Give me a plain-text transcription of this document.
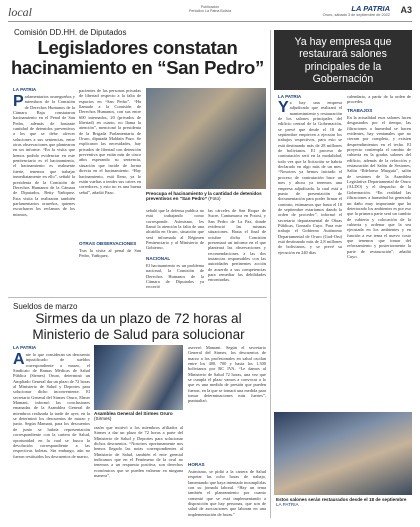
local	Publicación
Periódico La Patria Bolivia	LA PATRIA
Oruro, sábado 3 de septiembre de 2022 A3
Comisión DD.HH. de Diputados
Legisladores constatan hacinamiento en “San Pedro”
LA PATRIA
Parlamentarios oruregueños y miembros de la Comisión de Derechos Humanos de la Cámara Baja constataron hacinamiento en el Penal de San Pedro, además de bastante cantidad de detenidos preventivos a los que se debe ofrecer soluciones a sus sentencias, entre otras observaciones que plantearon en un informe. “En la visita que hemos podido evidenciar en este penitenciario es el hacinamiento, el hacinamiento es realmente fuerte, tenemos que trabajar inmediatamente en ello”, señaló la presidenta de la Comisión de Derechos Humanos de la Cámara de Diputados, Betty Yañiquez. Esta visita la realizaron también parlamentarios orureños, quienes escucharon los reclamos de los mismos,
pacientes de las personas privadas de libertad respecto a la falta de espacios en “San Pedro”. “Ha llamado a la Comisión de Derechos Humanos, con sus entre 600 internados, 20 (privados de libertad) en cuarto, no llama la atención”, mencionó la presidenta de la Brigada Parlamentaria de Oruro, diputada Maldaín Pazo. Se explicaron las necesidades, hay privados de libertad con detención preventiva que están más de cinco años esperando su sentencia, situación que incide de forma directa en el hacinamiento. “Hay hacinamiento, está lleno, ya lo están vueltas a tender sus catres en corredores, y esto no es una buena señal”, añadió Pazo.
OTRAS OBSERVACIONES
Tras la visita al penal de San Pedro, Yañiquez,
Preocupa el hacinamiento y la cantidad de detenidos preventivos en “San Pedro” (Foto)
señaló que la defensa publica no está trabajando como corresponde. Asimismo, les llamó la atención la falta de una alcaidía en Oruro, situación que será informada al Régimen Penitenciario y al Ministerio de Gobierno.
NACIONAL
El hacinamiento es un problema nacional, la Comisión de Derechos Humanos de la Cámara de Diputados ya recorrió
las cárceles de San Roque de Sucre, Cantumarca en Potosí, y San Pedro de La Paz, donde evidenció las mismas situaciones. Hasta el final de octubre dicha Comisión presentará un informe en el que planteará las observaciones y recomendaciones a las dos instancias responsables con las autoridades pertinentes acción de acuerdo a sus competencias para remediar las debilidades encontradas.
Ya hay empresa que restaurará salones principales de la Gobernación
LA PATRIA
Ya hay una empresa adjudicada que realizará el mantenimiento y restauración de los salones principales del edificio central de la Gobernación, se prevé que desde el 18 de septiembre empiecen a ejecutar los trabajos respectivos, para esto se está destinando más de 28 millones de bolivianos. El proceso de contratación será en la modalidad, todo vez que la licitación se habría declarado en algo más de un mes. “Nosotros ya hemos iniciado el proceso de contratación hace un mes y ahora ya tenemos una empresa adjudicada, la cual está a punto de presentación de documentación para poder firmar el contrato, estimamos que hasta el 18 de septiembre estaríamos dando la orden de proceder”, informó el secretario departamental de Obras Públicas, Gonzalo Cuyo. Para este trabajo el Gobierno Autónomo Departamental de Oruro (God-Oru) está destinando más de 2,8 millones de bolivianos, y se prevé su ejecución en 240 días
calendario, a partir de la orden de proceder.
TRABAJOS
En la actualidad esos salones lucen desgastados por el tiempo, las filtraciones a humedad se hacen evidentes, hay ventanales que no cierran por completo, y existen desprendimientos en el techo. El proyecto contempla el cambio de cubierta en la gradas salones del edificio, además de la refacción y restauración del Salón de Sesiones, Salón “Ildefonso Murguía”, salón de sesiones de la Asamblea Legislativa Departamental de Oruro (ALDO) y el despacho de la Gobernación. “En realidad las filtraciones a humedad ha generado un daño muy importante que ha deteriorado los ambientes es por eso que la primera parte será un cambio de cubierta y colocación de la cubierta y ordenar que la sea ejecutada en los ambientes y en función a ese tema el nuevo costo que tenemos que tomar del reforzamiento y posteriormente la parte de restauración”, añadió Cuyo.
Estos salones serán restaurados desde el 18 de septiembre LA PATRIA
Sueldos de marzo
Sirmes da un plazo de 72 horas al Ministerio de Salud para solucionar
LA PATRIA
Ante lo que consideran un descuento injustificado de sueldos correspondiente a marzo, el Sindicato de Ramas Médicas de Salud Pública (Sirmes) Oruro, determinó un Ampliado General dar un plazo de 72 horas al Ministerio de Salud y Deportes para solucionar dicho inconveniente. El secretario General del Sirmes Oruro, Elmer Mamani, informó las conclusiones emanadas de la Asamblea General de miembros realizada la tarde de ayer, en la se determinó los descuentos de marzo y junio. Según Mamani, para los descuentos de junio se habría representación correspondiente con la cartera de Salud, oportunidad en la cual se busca la devolución correspondiente a las respectivas boletas. Sin embargo, aún no fueron restituidos los descuentos de marzo,
Asamblea General del Sirmes Oruro (Sirmes)
razón que motivó a los miembros afiliados al Sirmes a dar un plazo de 72 horas a parte del Ministerio de Salud y Deportes para solucionar dichos descuentos. “Nosotros oportunamente nos hemos llegado las notas correspondientes al Ministerio de Salud, también el ente gremial indicamos que en el Fenómeno de la oval no tenemos a un respuesta positiva, son derechos económicos que se pueden vulnerar en ninguna manera”,
aseveró Mamani. Según el secretario General del Sirmes, los descuentos de marzo a los profesionales en salud oscilan entre los 400, 700 y hasta los 1.300 bolivianos por RC IVA. “Le damos al Ministerio de Salud 72 horas, una vez que se cumpla el plazo vamos a convocar a lo que es una medida de presión que pueden fueron, en la que se tomará una medida para tomar determinaciones más fuertes”, puntualizó.
HORAS
Asimismo, se pidió a la cartera de Salud respetar las ocho horas de trabajo, lamentando que haya intentado incumplirlas con su jornada laboral. “Hay un tema también el planeamiento por cuanto comentó que se está implementando a disposición que hay personas, que son de salud de asociaciones que laboran en una implementación de horas.”
